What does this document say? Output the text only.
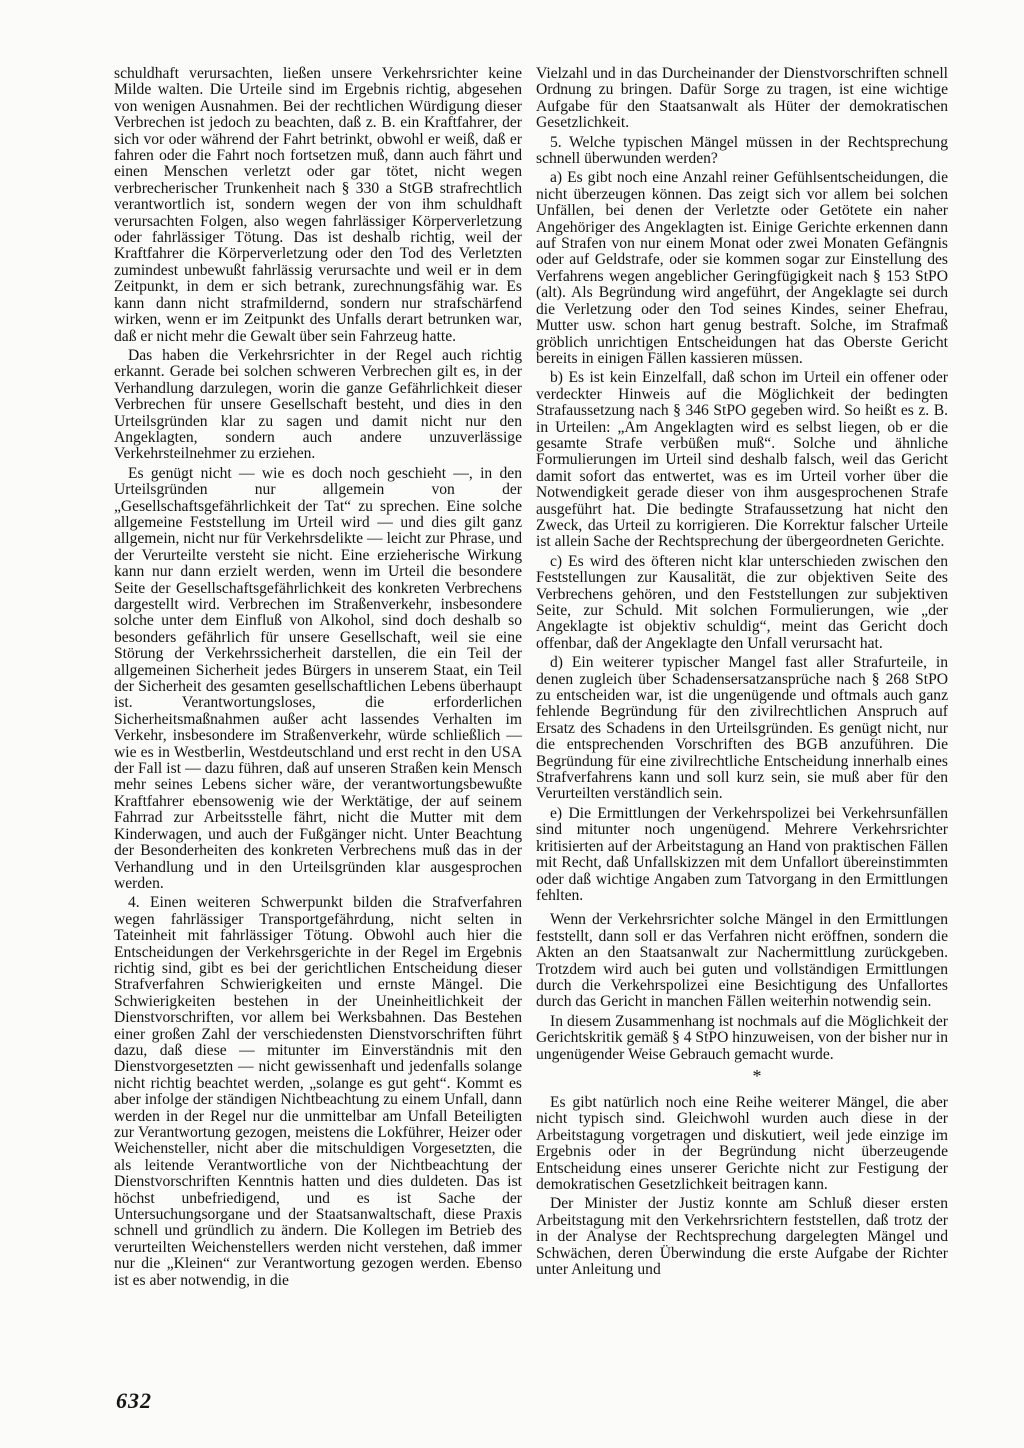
schuldhaft verursachten, ließen unsere Verkehrsrichter keine Milde walten. Die Urteile sind im Ergebnis richtig, abgesehen von wenigen Ausnahmen. Bei der rechtlichen Würdigung dieser Verbrechen ist jedoch zu beachten, daß z. B. ein Kraftfahrer, der sich vor oder während der Fahrt betrinkt, obwohl er weiß, daß er fahren oder die Fahrt noch fortsetzen muß, dann auch fährt und einen Menschen verletzt oder gar tötet, nicht wegen verbrecherischer Trunkenheit nach § 330 a StGB strafrechtlich verantwortlich ist, sondern wegen der von ihm schuldhaft verursachten Folgen, also wegen fahrlässiger Körperverletzung oder fahrlässiger Tötung. Das ist deshalb richtig, weil der Kraftfahrer die Körperverletzung oder den Tod des Verletzten zumindest unbewußt fahrlässig verursachte und weil er in dem Zeitpunkt, in dem er sich betrank, zurechnungsfähig war. Es kann dann nicht strafmildernd, sondern nur strafschärfend wirken, wenn er im Zeitpunkt des Unfalls derart betrunken war, daß er nicht mehr die Gewalt über sein Fahrzeug hatte.

Das haben die Verkehrsrichter in der Regel auch richtig erkannt. Gerade bei solchen schweren Verbrechen gilt es, in der Verhandlung darzulegen, worin die ganze Gefährlichkeit dieser Verbrechen für unsere Gesellschaft besteht, und dies in den Urteilsgründen klar zu sagen und damit nicht nur den Angeklagten, sondern auch andere unzuverlässige Verkehrsteilnehmer zu erziehen.

Es genügt nicht — wie es doch noch geschieht —, in den Urteilsgründen nur allgemein von der „Gesellschaftsgefährlichkeit der Tat“ zu sprechen. Eine solche allgemeine Feststellung im Urteil wird — und dies gilt ganz allgemein, nicht nur für Verkehrsdelikte — leicht zur Phrase, und der Verurteilte versteht sie nicht. Eine erzieherische Wirkung kann nur dann erzielt werden, wenn im Urteil die besondere Seite der Gesellschaftsgefährlichkeit des konkreten Verbrechens dargestellt wird. Verbrechen im Straßenverkehr, insbesondere solche unter dem Einfluß von Alkohol, sind doch deshalb so besonders gefährlich für unsere Gesellschaft, weil sie eine Störung der Verkehrssicherheit darstellen, die ein Teil der allgemeinen Sicherheit jedes Bürgers in unserem Staat, ein Teil der Sicherheit des gesamten gesellschaftlichen Lebens überhaupt ist. Verantwortungsloses, die erforderlichen Sicherheitsmaßnahmen außer acht lassendes Verhalten im Verkehr, insbesondere im Straßenverkehr, würde schließlich — wie es in Westberlin, Westdeutschland und erst recht in den USA der Fall ist — dazu führen, daß auf unseren Straßen kein Mensch mehr seines Lebens sicher wäre, der verantwortungsbewußte Kraftfahrer ebensowenig wie der Werktätige, der auf seinem Fahrrad zur Arbeitsstelle fährt, nicht die Mutter mit dem Kinderwagen, und auch der Fußgänger nicht. Unter Beachtung der Besonderheiten des konkreten Verbrechens muß das in der Verhandlung und in den Urteilsgründen klar ausgesprochen werden.

4. Einen weiteren Schwerpunkt bilden die Strafverfahren wegen fahrlässiger Transportgefährdung, nicht selten in Tateinheit mit fahrlässiger Tötung. Obwohl auch hier die Entscheidungen der Verkehrsgerichte in der Regel im Ergebnis richtig sind, gibt es bei der gerichtlichen Entscheidung dieser Strafverfahren Schwierigkeiten und ernste Mängel. Die Schwierigkeiten bestehen in der Uneinheitlichkeit der Dienstvorschriften, vor allem bei Werksbahnen. Das Bestehen einer großen Zahl der verschiedensten Dienstvorschriften führt dazu, daß diese — mitunter im Einverständnis mit den Dienstvorgesetzten — nicht gewissenhaft und jedenfalls solange nicht richtig beachtet werden, „solange es gut geht“. Kommt es aber infolge der ständigen Nichtbeachtung zu einem Unfall, dann werden in der Regel nur die unmittelbar am Unfall Beteiligten zur Verantwortung gezogen, meistens die Lokführer, Heizer oder Weichensteller, nicht aber die mitschuldigen Vorgesetzten, die als leitende Verantwortliche von der Nichtbeachtung der Dienstvorschriften Kenntnis hatten und dies duldeten. Das ist höchst unbefriedigend, und es ist Sache der Untersuchungsorgane und der Staatsanwaltschaft, diese Praxis schnell und gründlich zu ändern. Die Kollegen im Betrieb des verurteilten Weichenstellers werden nicht verstehen, daß immer nur die „Kleinen“ zur Verantwortung gezogen werden. Ebenso ist es aber notwendig, in die

Vielzahl und in das Durcheinander der Dienstvorschriften schnell Ordnung zu bringen. Dafür Sorge zu tragen, ist eine wichtige Aufgabe für den Staatsanwalt als Hüter der demokratischen Gesetzlichkeit.

5. Welche typischen Mängel müssen in der Rechtsprechung schnell überwunden werden?

a) Es gibt noch eine Anzahl reiner Gefühlsentscheidungen, die nicht überzeugen können. Das zeigt sich vor allem bei solchen Unfällen, bei denen der Verletzte oder Getötete ein naher Angehöriger des Angeklagten ist. Einige Gerichte erkennen dann auf Strafen von nur einem Monat oder zwei Monaten Gefängnis oder auf Geldstrafe, oder sie kommen sogar zur Einstellung des Verfahrens wegen angeblicher Geringfügigkeit nach § 153 StPO (alt). Als Begründung wird angeführt, der Angeklagte sei durch die Verletzung oder den Tod seines Kindes, seiner Ehefrau, Mutter usw. schon hart genug bestraft. Solche, im Strafmaß gröblich unrichtigen Entscheidungen hat das Oberste Gericht bereits in einigen Fällen kassieren müssen.

b) Es ist kein Einzelfall, daß schon im Urteil ein offener oder verdeckter Hinweis auf die Möglichkeit der bedingten Strafaussetzung nach § 346 StPO gegeben wird. So heißt es z. B. in Urteilen: „Am Angeklagten wird es selbst liegen, ob er die gesamte Strafe verbüßen muß“. Solche und ähnliche Formulierungen im Urteil sind deshalb falsch, weil das Gericht damit sofort das entwertet, was es im Urteil vorher über die Notwendigkeit gerade dieser von ihm ausgesprochenen Strafe ausgeführt hat. Die bedingte Strafaussetzung hat nicht den Zweck, das Urteil zu korrigieren. Die Korrektur falscher Urteile ist allein Sache der Rechtsprechung der übergeordneten Gerichte.

c) Es wird des öfteren nicht klar unterschieden zwischen den Feststellungen zur Kausalität, die zur objektiven Seite des Verbrechens gehören, und den Feststellungen zur subjektiven Seite, zur Schuld. Mit solchen Formulierungen, wie „der Angeklagte ist objektiv schuldig“, meint das Gericht doch offenbar, daß der Angeklagte den Unfall verursacht hat.

d) Ein weiterer typischer Mangel fast aller Strafurteile, in denen zugleich über Schadensersatzansprüche nach § 268 StPO zu entscheiden war, ist die ungenügende und oftmals auch ganz fehlende Begründung für den zivilrechtlichen Anspruch auf Ersatz des Schadens in den Urteilsgründen. Es genügt nicht, nur die entsprechenden Vorschriften des BGB anzuführen. Die Begründung für eine zivilrechtliche Entscheidung innerhalb eines Strafverfahrens kann und soll kurz sein, sie muß aber für den Verurteilten verständlich sein.

e) Die Ermittlungen der Verkehrspolizei bei Verkehrsunfällen sind mitunter noch ungenügend. Mehrere Verkehrsrichter kritisierten auf der Arbeitstagung an Hand von praktischen Fällen mit Recht, daß Unfallskizzen mit dem Unfallort übereinstimmten oder daß wichtige Angaben zum Tatvorgang in den Ermittlungen fehlten.

Wenn der Verkehrsrichter solche Mängel in den Ermittlungen feststellt, dann soll er das Verfahren nicht eröffnen, sondern die Akten an den Staatsanwalt zur Nachermittlung zurückgeben. Trotzdem wird auch bei guten und vollständigen Ermittlungen durch die Verkehrspolizei eine Besichtigung des Unfallortes durch das Gericht in manchen Fällen weiterhin notwendig sein.

In diesem Zusammenhang ist nochmals auf die Möglichkeit der Gerichtskritik gemäß § 4 StPO hinzuweisen, von der bisher nur in ungenügender Weise Gebrauch gemacht wurde.

*

Es gibt natürlich noch eine Reihe weiterer Mängel, die aber nicht typisch sind. Gleichwohl wurden auch diese in der Arbeitstagung vorgetragen und diskutiert, weil jede einzige im Ergebnis oder in der Begründung nicht überzeugende Entscheidung eines unserer Gerichte nicht zur Festigung der demokratischen Gesetzlichkeit beitragen kann.

Der Minister der Justiz konnte am Schluß dieser ersten Arbeitstagung mit den Verkehrsrichtern feststellen, daß trotz der in der Analyse der Rechtsprechung dargelegten Mängel und Schwächen, deren Überwindung die erste Aufgabe der Richter unter Anleitung und

632
